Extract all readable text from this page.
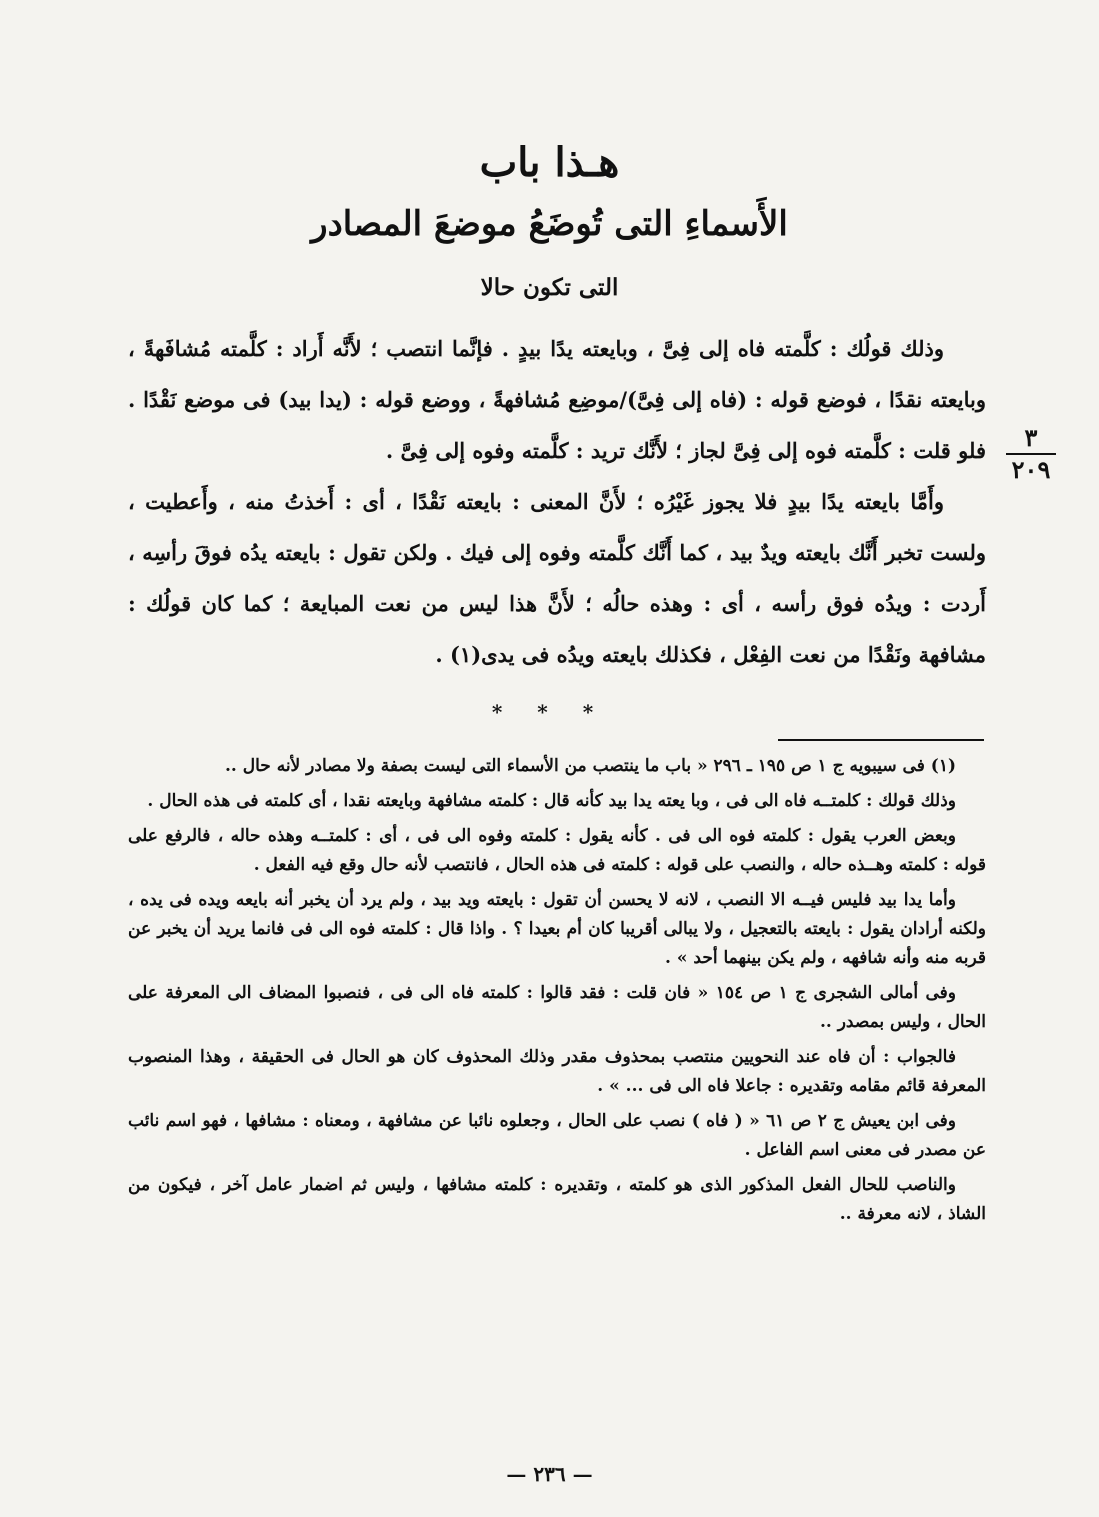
هـذا باب
الأَسماءِ التى تُوضَعُ موضعَ المصادر
التى تكون حالا

وذلك قولُك : كلَّمته فاه إلى فِىَّ ، وبايعته يدًا بيدٍ . فإنَّما انتصب ؛ لأَنَّه أَراد : كلَّمته مُشافَهةً ، وبايعته نقدًا ، فوضع قوله : (فاه إلى فِىَّ)/موضِع مُشافهةً ، ووضع قوله : (يدا بيد) فى موضع نَقْدًا . فلو قلت : كلَّمته فوه إلى فِىَّ لجاز ؛ لأَنَّك تريد : كلَّمته وفوه إلى فِىَّ .

وأَمَّا بايعته يدًا بيدٍ فلا يجوز غَيْرُه ؛ لأَنَّ المعنى : بايعته نَقْدًا ، أى : أَخذتُ منه ، وأَعطيت ، ولست تخبر أَنَّك بايعته ويدٌ بيد ، كما أَنَّك كلَّمته وفوه إلى فيك . ولكن تقول : بايعته يدُه فوقَ رأسِه ، أَردت : ويدُه فوق رأسه ، أى : وهذه حالُه ؛ لأَنَّ هذا ليس من نعت المبايعة ؛ كما كان قولُك : مشافهة ونَقْدًا من نعت الفِعْل ، فكذلك بايعته ويدُه فى يدى(١) .

٣
٢٠٩
* * *

(١) فى سيبويه ج ١ ص ١٩٥ ـ ٢٩٦ « باب ما ينتصب من الأسماء التى ليست بصفة ولا مصادر لأنه حال ..

وذلك قولك : كلمتــه فاه الى فى ، وبا يعته يدا بيد كأنه قال : كلمته مشافهة وبايعته نقدا ، أى كلمته فى هذه الحال .

وبعض العرب يقول : كلمته فوه الى فى . كأنه يقول : كلمته وفوه الى فى ، أى : كلمتــه وهذه حاله ، فالرفع على قوله : كلمته وهــذه حاله ، والنصب على قوله : كلمته فى هذه الحال ، فانتصب لأنه حال وقع فيه الفعل .

وأما يدا بيد فليس فيــه الا النصب ، لانه لا يحسن أن تقول : بايعته ويد بيد ، ولم يرد أن يخبر أنه بايعه ويده فى يده ، ولكنه أرادان يقول : بايعته بالتعجيل ، ولا يبالى أقريبا كان أم بعيدا ؟ . واذا قال : كلمته فوه الى فى فانما يريد أن يخبر عن قربه منه وأنه شافهه ، ولم يكن بينهما أحد » .

وفى أمالى الشجرى ج ١ ص ١٥٤ « فان قلت : فقد قالوا : كلمته فاه الى فى ، فنصبوا المضاف الى المعرفة على الحال ، وليس بمصدر ..

فالجواب : أن فاه عند النحويين منتصب بمحذوف مقدر وذلك المحذوف كان هو الحال فى الحقيقة ، وهذا المنصوب المعرفة قائم مقامه وتقديره : جاعلا فاه الى فى ... » .

وفى ابن يعيش ج ٢ ص ٦١ « ( فاه ) نصب على الحال ، وجعلوه نائبا عن مشافهة ، ومعناه : مشافها ، فهو اسم نائب عن مصدر فى معنى اسم الفاعل .

والناصب للحال الفعل المذكور الذى هو كلمته ، وتقديره : كلمته مشافها ، وليس ثم اضمار عامل آخر ، فيكون من الشاذ ، لانه معرفة ..

— ٢٣٦ —
